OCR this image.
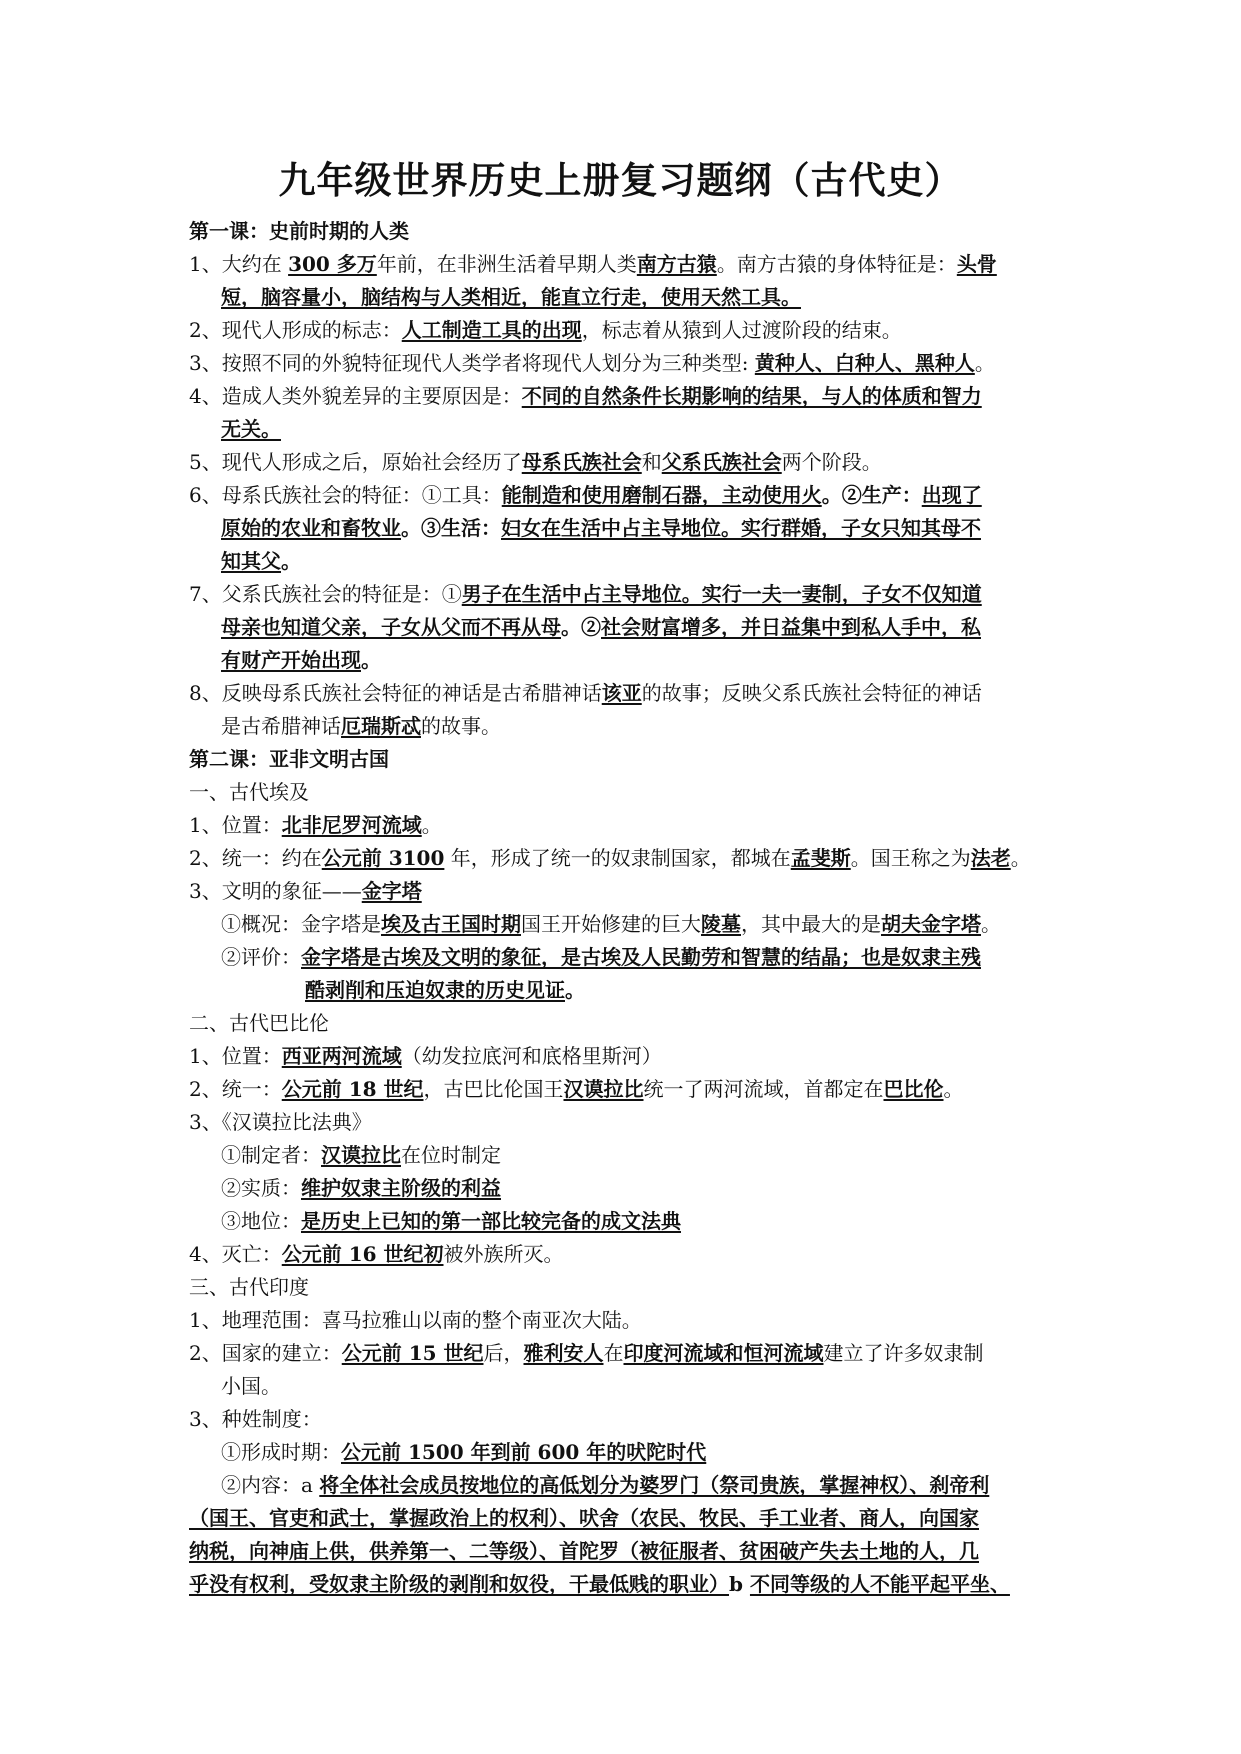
九年级世界历史上册复习题纲（古代史）
第一课：史前时期的人类
1、大约在 300 多万年前，在非洲生活着早期人类南方古猿。南方古猿的身体特征是：头骨
短，脑容量小，脑结构与人类相近，能直立行走，使用天然工具。
2、现代人形成的标志：人工制造工具的出现，标志着从猿到人过渡阶段的结束。
3、按照不同的外貌特征现代人类学者将现代人划分为三种类型: 黄种人、白种人、黑种人。
4、造成人类外貌差异的主要原因是：不同的自然条件长期影响的结果，与人的体质和智力
无关。
5、现代人形成之后，原始社会经历了母系氏族社会和父系氏族社会两个阶段。
6、母系氏族社会的特征：①工具：能制造和使用磨制石器，主动使用火。②生产：出现了
原始的农业和畜牧业。③生活：妇女在生活中占主导地位。实行群婚，子女只知其母不
知其父。
7、父系氏族社会的特征是：①男子在生活中占主导地位。实行一夫一妻制，子女不仅知道
母亲也知道父亲，子女从父而不再从母。②社会财富增多，并日益集中到私人手中，私
有财产开始出现。
8、反映母系氏族社会特征的神话是古希腊神话该亚的故事；反映父系氏族社会特征的神话
是古希腊神话厄瑞斯忒的故事。
第二课：亚非文明古国
一、古代埃及
1、位置：北非尼罗河流域。
2、统一：约在公元前 3100 年，形成了统一的奴隶制国家，都城在孟斐斯。国王称之为法老。
3、文明的象征——金字塔
①概况：金字塔是埃及古王国时期国王开始修建的巨大陵墓，其中最大的是胡夫金字塔。
②评价：金字塔是古埃及文明的象征，是古埃及人民勤劳和智慧的结晶；也是奴隶主残
酷剥削和压迫奴隶的历史见证。
二、古代巴比伦
1、位置：西亚两河流域（幼发拉底河和底格里斯河）
2、统一：公元前 18 世纪，古巴比伦国王汉谟拉比统一了两河流域，首都定在巴比伦。
3、《汉谟拉比法典》
①制定者：汉谟拉比在位时制定
②实质：维护奴隶主阶级的利益
③地位：是历史上已知的第一部比较完备的成文法典
4、灭亡：公元前 16 世纪初被外族所灭。
三、古代印度
1、地理范围：喜马拉雅山以南的整个南亚次大陆。
2、国家的建立：公元前 15 世纪后，雅利安人在印度河流域和恒河流域建立了许多奴隶制
小国。
3、种姓制度：
①形成时期：公元前 1500 年到前 600 年的吠陀时代
②内容：a 将全体社会成员按地位的高低划分为婆罗门（祭司贵族，掌握神权）、刹帝利
（国王、官吏和武士，掌握政治上的权利）、吠舍（农民、牧民、手工业者、商人，向国家
纳税，向神庙上供，供养第一、二等级）、首陀罗（被征服者、贫困破产失去土地的人，几
乎没有权利，受奴隶主阶级的剥削和奴役，干最低贱的职业）b 不同等级的人不能平起平坐、
